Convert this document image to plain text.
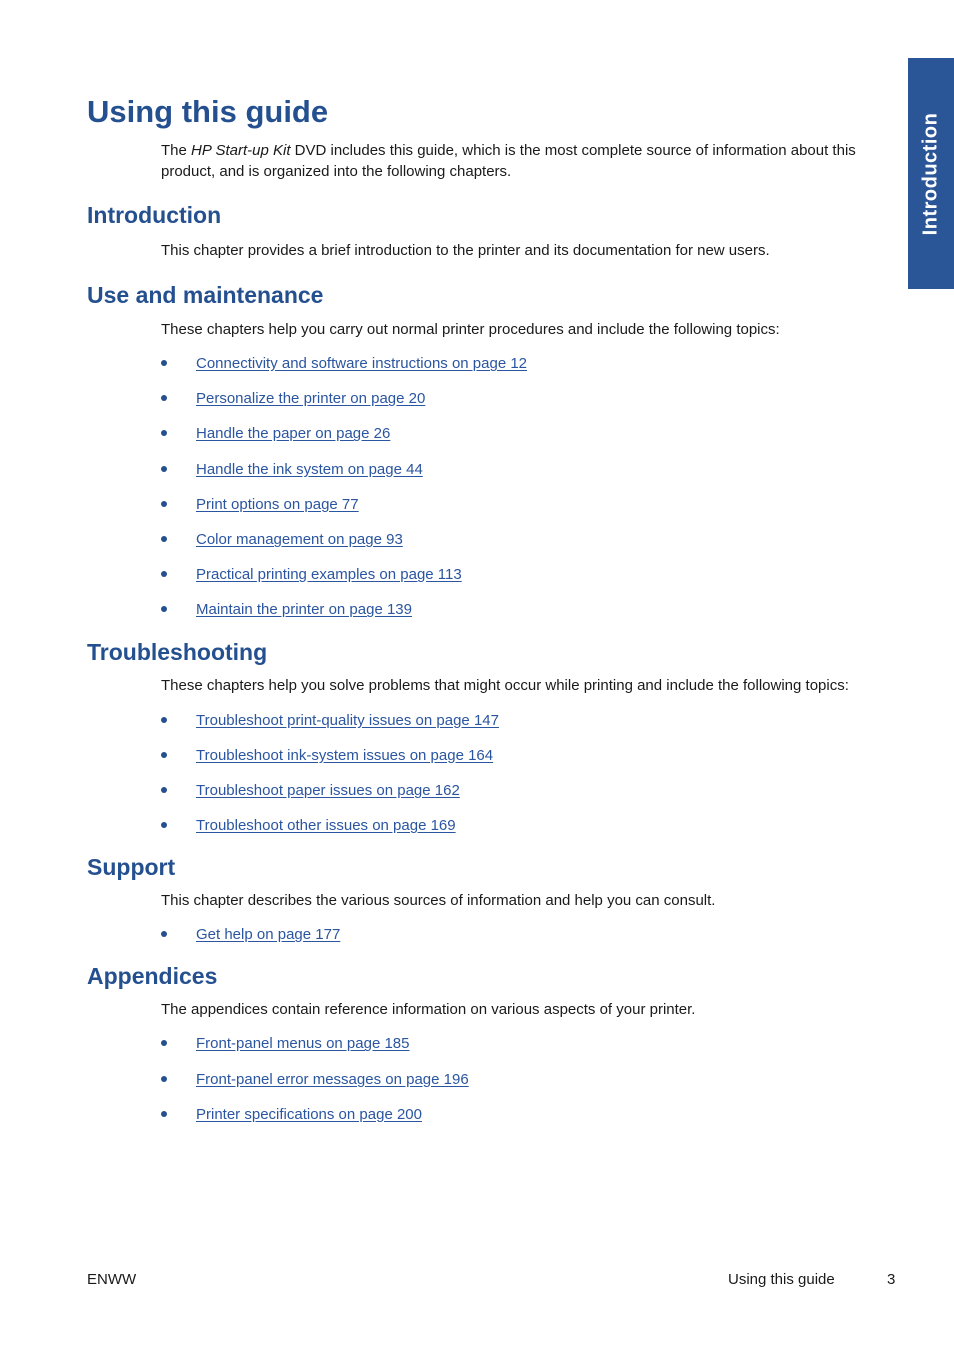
Introduction
Using this guide
The HP Start-up Kit DVD includes this guide, which is the most complete source of information about this product, and is organized into the following chapters.
Introduction
This chapter provides a brief introduction to the printer and its documentation for new users.
Use and maintenance
These chapters help you carry out normal printer procedures and include the following topics:
Connectivity and software instructions on page 12
Personalize the printer on page 20
Handle the paper on page 26
Handle the ink system on page 44
Print options on page 77
Color management on page 93
Practical printing examples on page 113
Maintain the printer on page 139
Troubleshooting
These chapters help you solve problems that might occur while printing and include the following topics:
Troubleshoot print-quality issues on page 147
Troubleshoot ink-system issues on page 164
Troubleshoot paper issues on page 162
Troubleshoot other issues on page 169
Support
This chapter describes the various sources of information and help you can consult.
Get help on page 177
Appendices
The appendices contain reference information on various aspects of your printer.
Front-panel menus on page 185
Front-panel error messages on page 196
Printer specifications on page 200
ENWW	Using this guide	3
